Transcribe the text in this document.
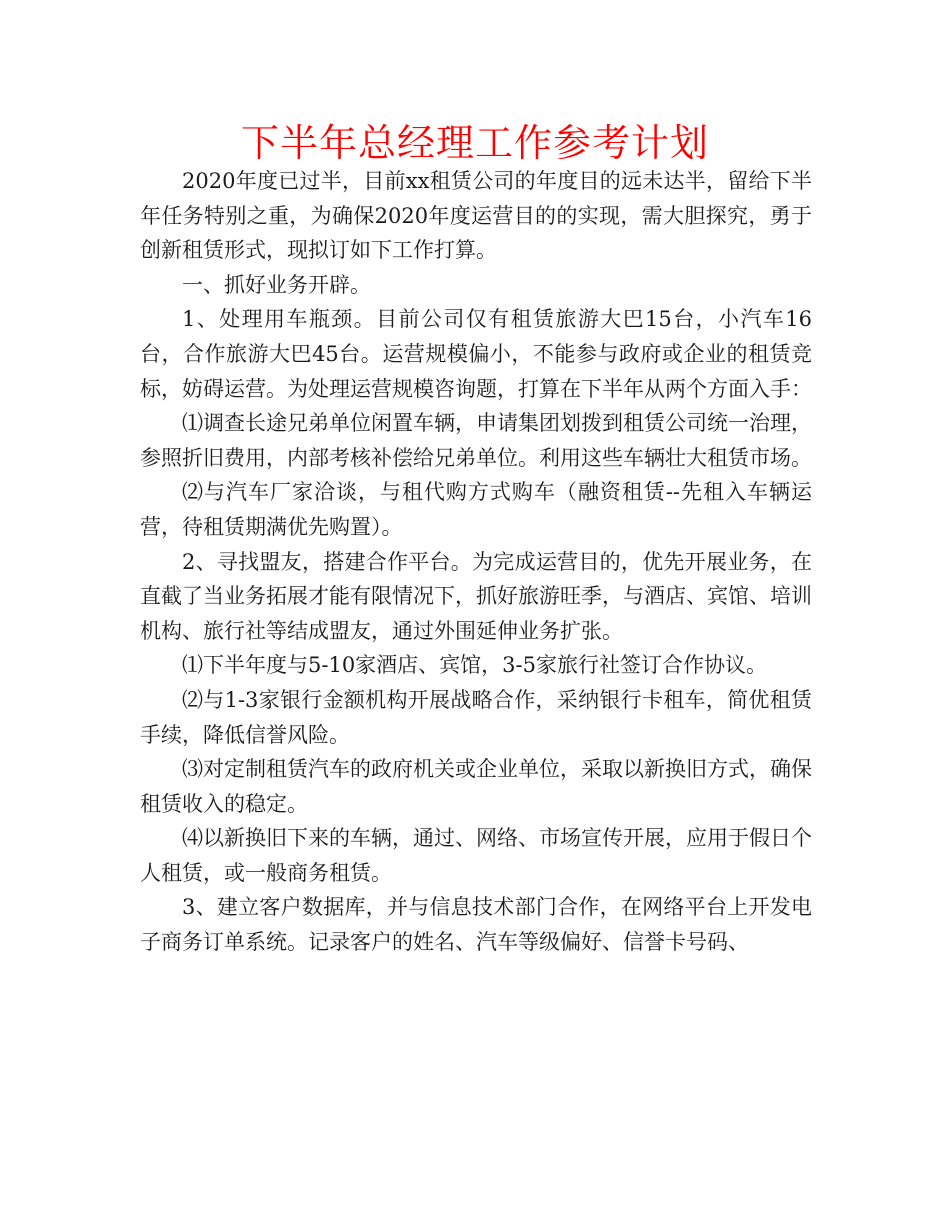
下半年总经理工作参考计划

2020年度已过半，目前xx租赁公司的年度目的远未达半，留给下半年任务特别之重，为确保2020年度运营目的的实现，需大胆探究，勇于创新租赁形式，现拟订如下工作打算。

一、抓好业务开辟。

1、处理用车瓶颈。目前公司仅有租赁旅游大巴15台，小汽车16台，合作旅游大巴45台。运营规模偏小，不能参与政府或企业的租赁竞标，妨碍运营。为处理运营规模咨询题，打算在下半年从两个方面入手：

⑴调查长途兄弟单位闲置车辆，申请集团划拨到租赁公司统一治理，参照折旧费用，内部考核补偿给兄弟单位。利用这些车辆壮大租赁市场。

⑵与汽车厂家洽谈，与租代购方式购车（融资租赁--先租入车辆运营，待租赁期满优先购置）。

2、寻找盟友，搭建合作平台。为完成运营目的，优先开展业务，在直截了当业务拓展才能有限情况下，抓好旅游旺季，与酒店、宾馆、培训机构、旅行社等结成盟友，通过外围延伸业务扩张。

⑴下半年度与5-10家酒店、宾馆，3-5家旅行社签订合作协议。

⑵与1-3家银行金额机构开展战略合作，采纳银行卡租车，简优租赁手续，降低信誉风险。

⑶对定制租赁汽车的政府机关或企业单位，采取以新换旧方式，确保租赁收入的稳定。

⑷以新换旧下来的车辆，通过、网络、市场宣传开展，应用于假日个人租赁，或一般商务租赁。

3、建立客户数据库，并与信息技术部门合作，在网络平台上开发电子商务订单系统。记录客户的姓名、汽车等级偏好、信誉卡号码、
